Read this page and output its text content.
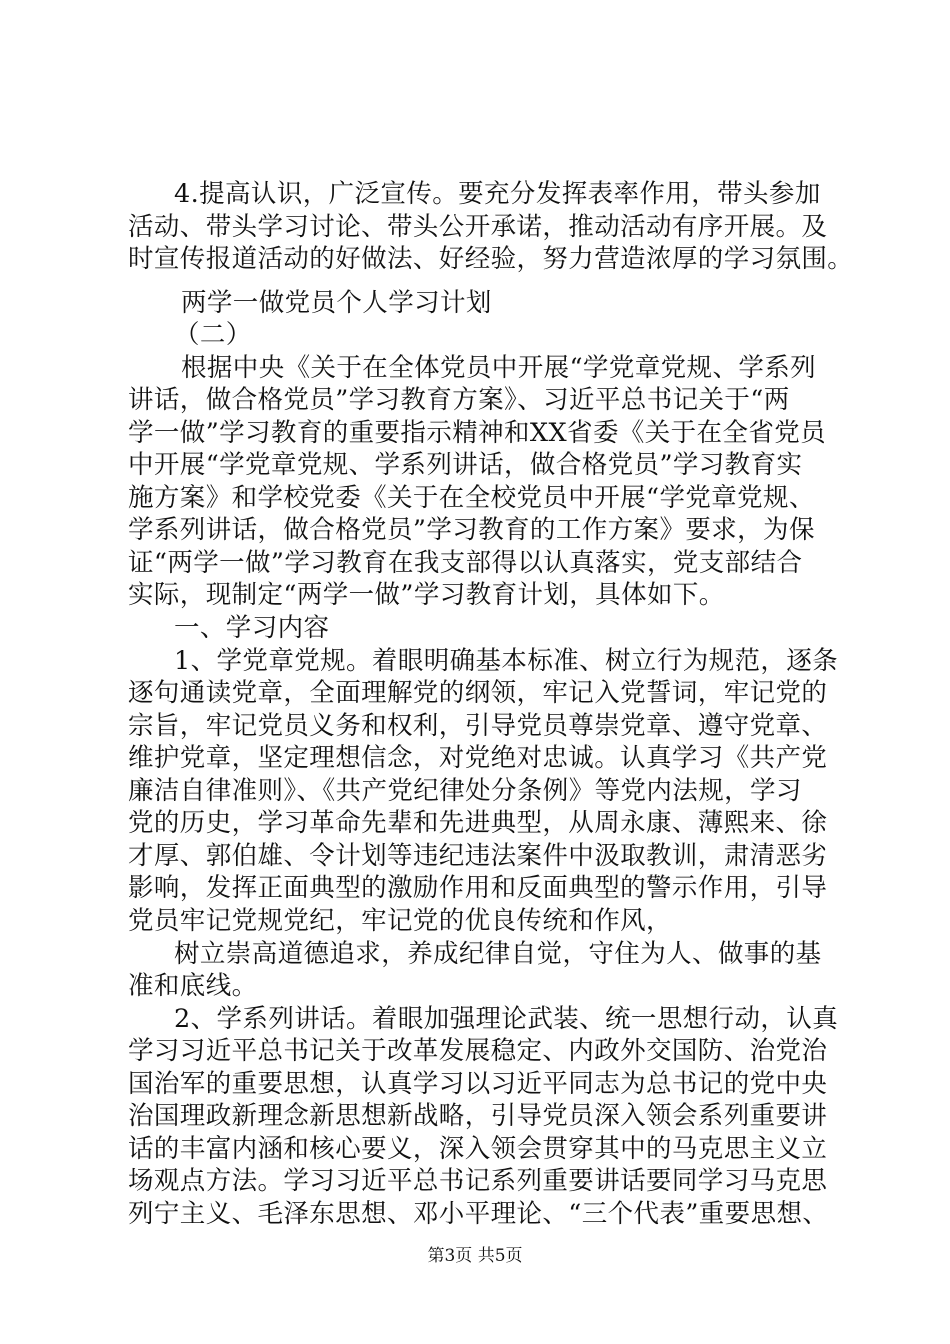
4.提高认识，广泛宣传。要充分发挥表率作用，带头参加
活动、带头学习讨论、带头公开承诺，推动活动有序开展。及
时宣传报道活动的好做法、好经验，努力营造浓厚的学习氛围。
两学一做党员个人学习计划
（二）
根据中央《关于在全体党员中开展“学党章党规、学系列
讲话，做合格党员”学习教育方案》、习近平总书记关于“两
学一做”学习教育的重要指示精神和XX省委《关于在全省党员
中开展“学党章党规、学系列讲话，做合格党员”学习教育实
施方案》和学校党委《关于在全校党员中开展“学党章党规、
学系列讲话，做合格党员”学习教育的工作方案》要求，为保
证“两学一做”学习教育在我支部得以认真落实，党支部结合
实际，现制定“两学一做”学习教育计划，具体如下。
一、学习内容
1、学党章党规。着眼明确基本标准、树立行为规范，逐条
逐句通读党章，全面理解党的纲领，牢记入党誓词，牢记党的
宗旨，牢记党员义务和权利，引导党员尊崇党章、遵守党章、
维护党章，坚定理想信念，对党绝对忠诚。认真学习《共产党
廉洁自律准则》、《共产党纪律处分条例》等党内法规，学习
党的历史，学习革命先辈和先进典型，从周永康、薄熙来、徐
才厚、郭伯雄、令计划等违纪违法案件中汲取教训，肃清恶劣
影响，发挥正面典型的激励作用和反面典型的警示作用，引导
党员牢记党规党纪，牢记党的优良传统和作风，
树立崇高道德追求，养成纪律自觉，守住为人、做事的基
准和底线。
2、学系列讲话。着眼加强理论武装、统一思想行动，认真
学习习近平总书记关于改革发展稳定、内政外交国防、治党治
国治军的重要思想，认真学习以习近平同志为总书记的党中央
治国理政新理念新思想新战略，引导党员深入领会系列重要讲
话的丰富内涵和核心要义，深入领会贯穿其中的马克思主义立
场观点方法。学习习近平总书记系列重要讲话要同学习马克思
列宁主义、毛泽东思想、邓小平理论、“三个代表”重要思想、
第3页 共5页
